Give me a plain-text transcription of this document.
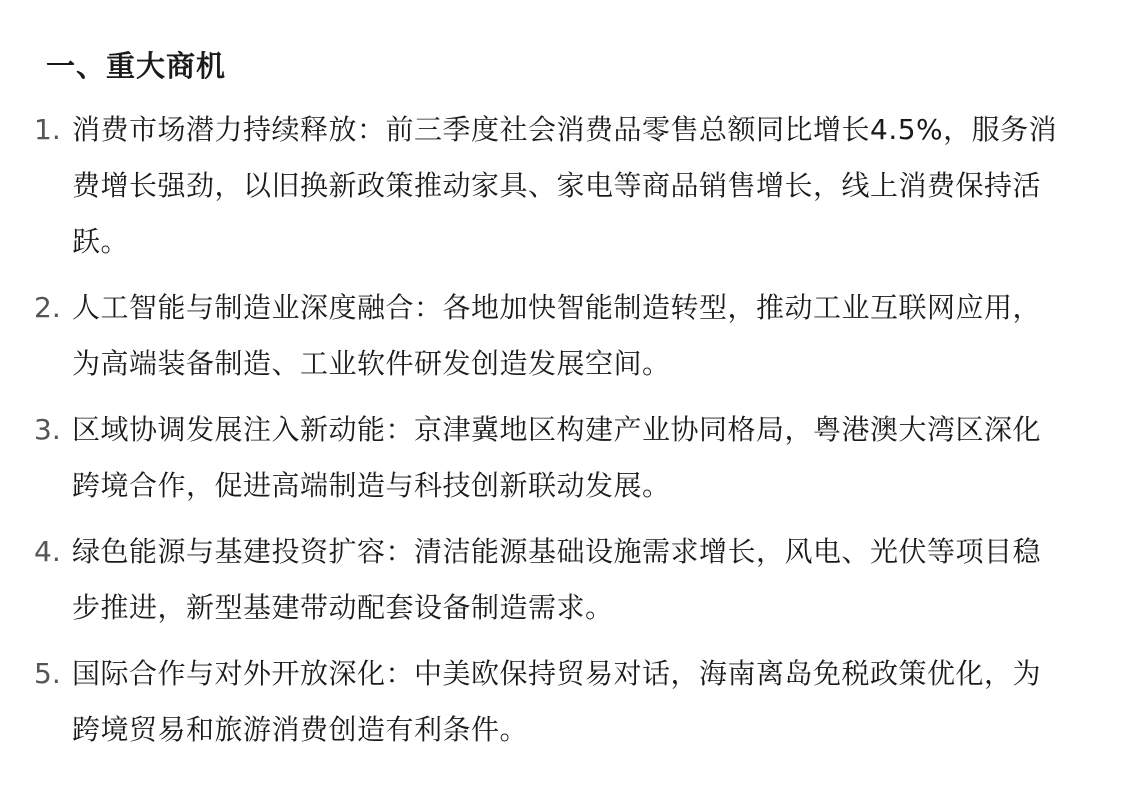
一、重大商机
1. 消费市场潜力持续释放：前三季度社会消费品零售总额同比增长4.5%，服务消费增长强劲，以旧换新政策推动家具、家电等商品销售增长，线上消费保持活跃。
2. 人工智能与制造业深度融合：各地加快智能制造转型，推动工业互联网应用，为高端装备制造、工业软件研发创造发展空间。
3. 区域协调发展注入新动能：京津冀地区构建产业协同格局，粤港澳大湾区深化跨境合作，促进高端制造与科技创新联动发展。
4. 绿色能源与基建投资扩容：清洁能源基础设施需求增长，风电、光伏等项目稳步推进，新型基建带动配套设备制造需求。
5. 国际合作与对外开放深化：中美欧保持贸易对话，海南离岛免税政策优化，为跨境贸易和旅游消费创造有利条件。
